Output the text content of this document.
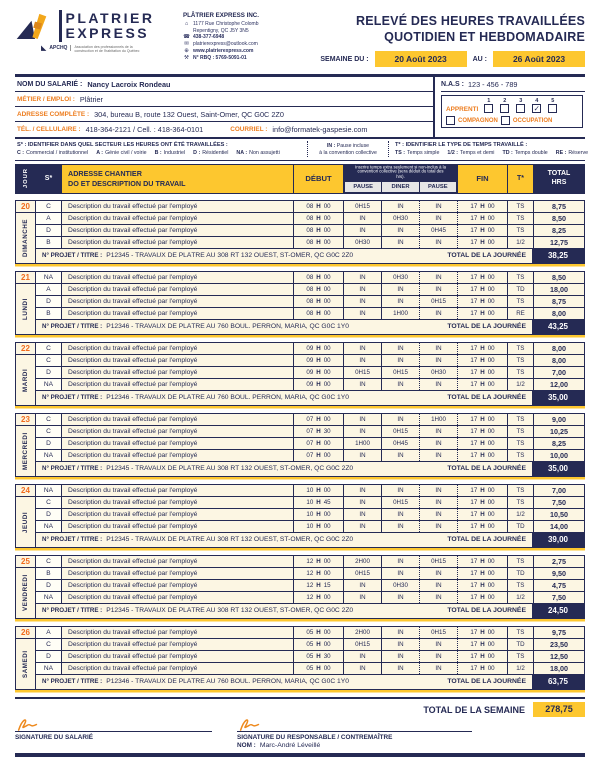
PLATRIER
EXPRESS
◣ APCHQ	Association des professionnels de la construction et de l'habitation du Québec
PLÂTRIER EXPRESS INC.
⌂ 1177 Rue Christophe Colomb
Repentigny, QC J5Y 3N5
☎ 438-377-6948
✉ platrierexpress@outlook.com
⊕ www.platrierexpress.com
⚒ N° RBQ : 5769-5091-01
RELEVÉ DES HEURES TRAVAILLÉES
QUOTIDIEN ET HEBDOMADAIRE
SEMAINE DU :	20 Août 2023	AU :	26 Août 2023
NOM DU SALARIÉ : Nancy Lacroix Rondeau
MÉTIER / EMPLOI : Plâtrier
ADRESSE COMPLÈTE : 304, bureau B, route 132 Ouest, Saint-Omer, QC G0C 2Z0
TÉL. / CELLULAIRE : 418-364-2121 / Cell. : 418-364-0101	COURRIEL : info@formatek-gaspesie.com
N.A.S : 123 - 456 - 789
APPRENTI
1 2 3 4
✓
5
COMPAGNON	OCCUPATION
S* : IDENTIFIER DANS QUEL SECTEUR LES HEURES ONT ÉTÉ TRAVAILLÉES :
C : Commercial / institutionnel A : Génie civil / voirie B : Industriel D : Résidentiel NA : Non assujetti
IN : Pause incluse
à la convention collective
T* : IDENTIFIER LE TYPE DE TEMPS TRAVAILLÉ :
TS : Temps simple 1/2 : Temps et demi TD : Temps double RE : Réserve
JOUR	S*
ADRESSE CHANTIER
DO ET DESCRIPTION DU TRAVAIL	DÉBUT
Inscrire temps extra seulement si non-inclus à la convention collective (sera déduit du total des hrs).
PAUSE	DINER	PAUSE
FIN	T*
TOTAL
HRS
20
DIMANCHE
C	Description du travail effectué par l'employé	08 H 00	0H15	IN	IN	17 H 00	TS	8,75
A	Description du travail effectué par l'employé	08 H 00	IN	0H30	IN	17 H 00	TS	8,50
D	Description du travail effectué par l'employé	08 H 00	IN	IN	0H45	17 H 00	TS	8,25
B	Description du travail effectué par l'employé	08 H 00	0H30	IN	IN	17 H 00	1/2	12,75
N° PROJET / TITRE : P12345 - TRAVAUX DE PLÂTRE AU 308 RT 132 OUEST, ST-OMER, QC G0C 2Z0	TOTAL DE LA JOURNÉE	38,25
21
LUNDI
NA	Description du travail effectué par l'employé	08 H 00	IN	0H30	IN	17 H 00	TS	8,50
A	Description du travail effectué par l'employé	08 H 00	IN	IN	IN	17 H 00	TD	18,00
D	Description du travail effectué par l'employé	08 H 00	IN	IN	0H15	17 H 00	TS	8,75
B	Description du travail effectué par l'employé	08 H 00	IN	1H00	IN	17 H 00	RE	8,00
N° PROJET / TITRE : P12346 - TRAVAUX DE PLÂTRE AU 760 BOUL. PERRON, MARIA, QC G0C 1Y0	TOTAL DE LA JOURNÉE	43,25
22
MARDI
C	Description du travail effectué par l'employé	09 H 00	IN	IN	IN	17 H 00	TS	8,00
C	Description du travail effectué par l'employé	09 H 00	IN	IN	IN	17 H 00	TS	8,00
D	Description du travail effectué par l'employé	09 H 00	0H15	0H15	0H30	17 H 00	TS	7,00
NA	Description du travail effectué par l'employé	09 H 00	IN	IN	IN	17 H 00	1/2	12,00
N° PROJET / TITRE : P12346 - TRAVAUX DE PLÂTRE AU 760 BOUL. PERRON, MARIA, QC G0C 1Y0	TOTAL DE LA JOURNÉE	35,00
23
MERCREDI
C	Description du travail effectué par l'employé	07 H 00	IN	IN	1H00	17 H 00	TS	9,00
C	Description du travail effectué par l'employé	07 H 30	IN	0H15	IN	17 H 00	TS	10,25
D	Description du travail effectué par l'employé	07 H 00	1H00	0H45	IN	17 H 00	TS	8,25
NA	Description du travail effectué par l'employé	07 H 00	IN	IN	IN	17 H 00	TS	10,00
N° PROJET / TITRE : P12345 - TRAVAUX DE PLÂTRE AU 308 RT 132 OUEST, ST-OMER, QC G0C 2Z0	TOTAL DE LA JOURNÉE	35,00
24
JEUDI
NA	Description du travail effectué par l'employé	10 H 00	IN	IN	IN	17 H 00	TS	7,00
C	Description du travail effectué par l'employé	10 H 45	IN	0H15	IN	17 H 00	TS	7,50
D	Description du travail effectué par l'employé	10 H 00	IN	IN	IN	17 H 00	1/2	10,50
NA	Description du travail effectué par l'employé	10 H 00	IN	IN	IN	17 H 00	TD	14,00
N° PROJET / TITRE : P12345 - TRAVAUX DE PLÂTRE AU 308 RT 132 OUEST, ST-OMER, QC G0C 2Z0	TOTAL DE LA JOURNÉE	39,00
25
VENDREDI
C	Description du travail effectué par l'employé	12 H 00	2H00	IN	0H15	17 H 00	TS	2,75
B	Description du travail effectué par l'employé	12 H 00	0H15	IN	IN	17 H 00	TD	9,50
D	Description du travail effectué par l'employé	12 H 15	IN	0H30	IN	17 H 00	TS	4,75
NA	Description du travail effectué par l'employé	12 H 00	IN	IN	IN	17 H 00	1/2	7,50
N° PROJET / TITRE : P12345 - TRAVAUX DE PLÂTRE AU 308 RT 132 OUEST, ST-OMER, QC G0C 2Z0	TOTAL DE LA JOURNÉE	24,50
26
SAMEDI
A	Description du travail effectué par l'employé	05 H 00	2H00	IN	0H15	17 H 00	TS	9,75
C	Description du travail effectué par l'employé	05 H 00	0H15	IN	IN	17 H 00	TD	23,50
D	Description du travail effectué par l'employé	05 H 30	IN	IN	IN	17 H 00	TS	12,50
NA	Description du travail effectué par l'employé	05 H 00	IN	IN	IN	17 H 00	1/2	18,00
N° PROJET / TITRE : P12346 - TRAVAUX DE PLÂTRE AU 760 BOUL. PERRON, MARIA, QC G0C 1Y0	TOTAL DE LA JOURNÉE	63,75
TOTAL DE LA SEMAINE	278,75
SIGNATURE DU SALARIÉ	SIGNATURE DU RESPONSABLE / CONTREMAÎTRE
NOM : Marc-André Léveillé
